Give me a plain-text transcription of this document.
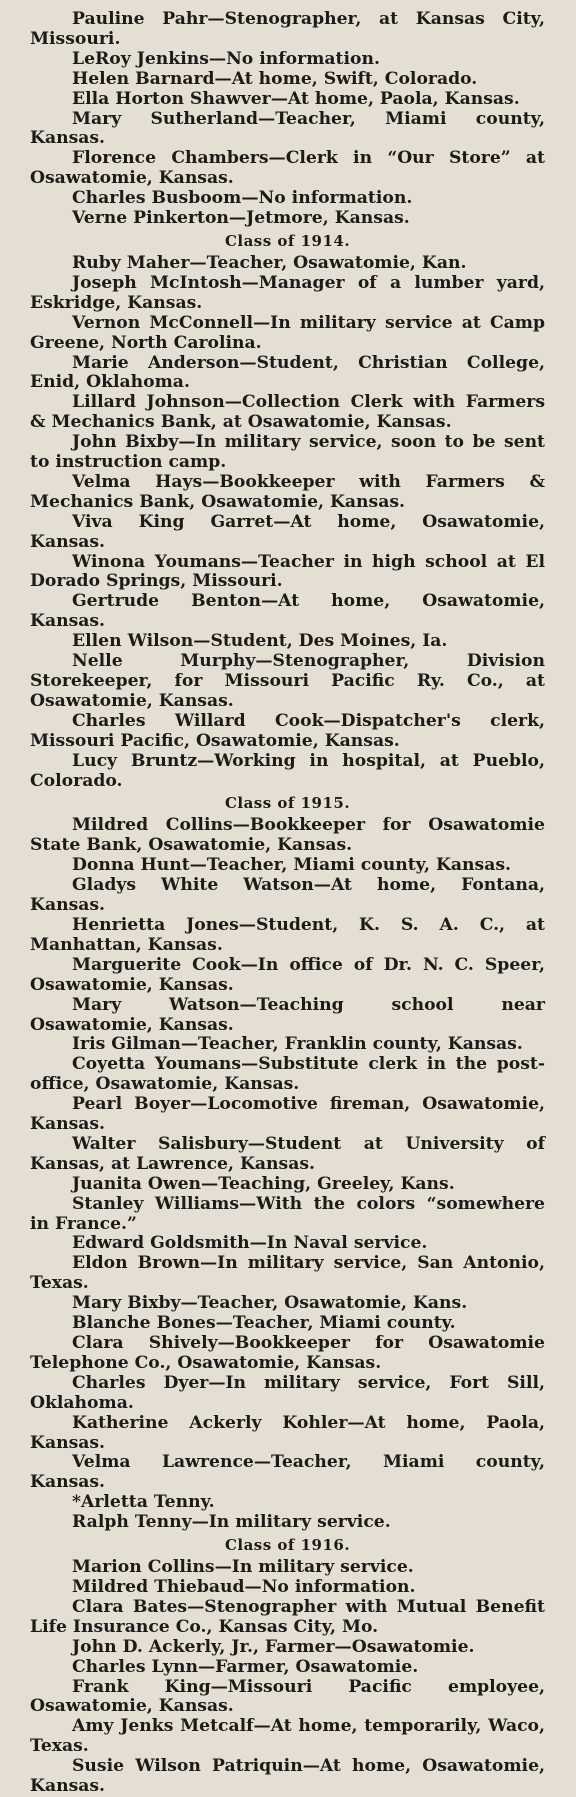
Pauline Pahr—Stenographer, at Kansas City, Missouri.

LeRoy Jenkins—No information.

Helen Barnard—At home, Swift, Colorado.

Ella Horton Shawver—At home, Paola, Kansas.

Mary Sutherland—Teacher, Miami county, Kansas.

Florence Chambers—Clerk in “Our Store” at Osawatomie, Kansas.

Charles Busboom—No information.

Verne Pinkerton—Jetmore, Kansas.

Class of 1914.

Ruby Maher—Teacher, Osawatomie, Kan.

Joseph McIntosh—Manager of a lumber yard, Eskridge, Kansas.

Vernon McConnell—In military service at Camp Greene, North Carolina.

Marie Anderson—Student, Christian College, Enid, Oklahoma.

Lillard Johnson—Collection Clerk with Farmers & Mechanics Bank, at Osawatomie, Kansas.

John Bixby—In military service, soon to be sent to instruction camp.

Velma Hays—Bookkeeper with Farmers & Mechanics Bank, Osawatomie, Kansas.

Viva King Garret—At home, Osawatomie, Kansas.

Winona Youmans—Teacher in high school at El Dorado Springs, Missouri.

Gertrude Benton—At home, Osawatomie, Kansas.

Ellen Wilson—Student, Des Moines, Ia.

Nelle Murphy—Stenographer, Division Storekeeper, for Missouri Pacific Ry. Co., at Osawatomie, Kansas.

Charles Willard Cook—Dispatcher's clerk, Missouri Pacific, Osawatomie, Kansas.

Lucy Bruntz—Working in hospital, at Pueblo, Colorado.

Class of 1915.

Mildred Collins—Bookkeeper for Osawatomie State Bank, Osawatomie, Kansas.

Donna Hunt—Teacher, Miami county, Kansas.

Gladys White Watson—At home, Fontana, Kansas.

Henrietta Jones—Student, K. S. A. C., at Manhattan, Kansas.

Marguerite Cook—In office of Dr. N. C. Speer, Osawatomie, Kansas.

Mary Watson—Teaching school near Osawatomie, Kansas.

Iris Gilman—Teacher, Franklin county, Kansas.

Coyetta Youmans—Substitute clerk in the post-office, Osawatomie, Kansas.

Pearl Boyer—Locomotive fireman, Osawatomie, Kansas.

Walter Salisbury—Student at University of Kansas, at Lawrence, Kansas.

Juanita Owen—Teaching, Greeley, Kans.

Stanley Williams—With the colors “somewhere in France.”

Edward Goldsmith—In Naval service.

Eldon Brown—In military service, San Antonio, Texas.

Mary Bixby—Teacher, Osawatomie, Kans.

Blanche Bones—Teacher, Miami county.

Clara Shively—Bookkeeper for Osawatomie Telephone Co., Osawatomie, Kansas.

Charles Dyer—In military service, Fort Sill, Oklahoma.

Katherine Ackerly Kohler—At home, Paola, Kansas.

Velma Lawrence—Teacher, Miami county, Kansas.

*Arletta Tenny.

Ralph Tenny—In military service.

Class of 1916.

Marion Collins—In military service.

Mildred Thiebaud—No information.

Clara Bates—Stenographer with Mutual Benefit Life Insurance Co., Kansas City, Mo.

John D. Ackerly, Jr., Farmer—Osawatomie.

Charles Lynn—Farmer, Osawatomie.

Frank King—Missouri Pacific employee, Osawatomie, Kansas.

Amy Jenks Metcalf—At home, temporarily, Waco, Texas.

Susie Wilson Patriquin—At home, Osawatomie, Kansas.
